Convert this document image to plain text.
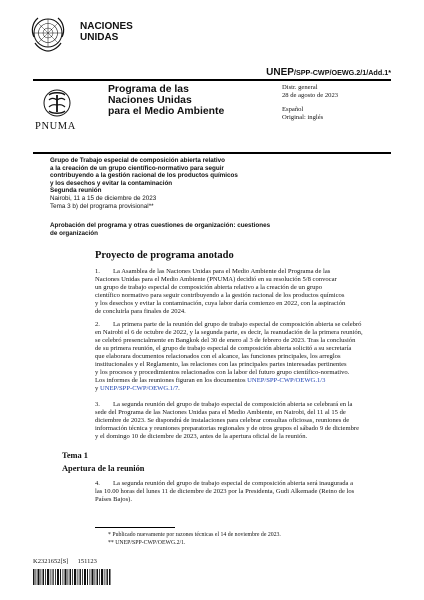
NACIONES
UNIDAS
UNEP/SPP-CWP/OEWG.2/1/Add.1*
PNUMA
Programa de las
Naciones Unidas
para el Medio Ambiente
Distr. general
28 de agosto de 2023
Español
Original: inglés
Grupo de Trabajo especial de composición abierta relativo
a la creación de un grupo científico-normativo para seguir
contribuyendo a la gestión racional de los productos químicos
y los desechos y evitar la contaminación
Segunda reunión
Nairobi, 11 a 15 de diciembre de 2023
Tema 3 b) del programa provisional**
Aprobación del programa y otras cuestiones de organización: cuestiones
de organización
Proyecto de programa anotado
1. La Asamblea de las Naciones Unidas para el Medio Ambiente del Programa de las
Naciones Unidas para el Medio Ambiente (PNUMA) decidió en su resolución 5/8 convocar
un grupo de trabajo especial de composición abierta relativo a la creación de un grupo
científico normativo para seguir contribuyendo a la gestión racional de los productos químicos
y los desechos y evitar la contaminación, cuya labor daría comienzo en 2022, con la aspiración
de concluirla para finales de 2024.
2. La primera parte de la reunión del grupo de trabajo especial de composición abierta se celebró
en Nairobi el 6 de octubre de 2022, y la segunda parte, es decir, la reanudación de la primera reunión,
se celebró presencialmente en Bangkok del 30 de enero al 3 de febrero de 2023. Tras la conclusión
de su primera reunión, el grupo de trabajo especial de composición abierta solicitó a su secretaría
que elaborara documentos relacionados con el alcance, las funciones principales, los arreglos
institucionales y el Reglamento, las relaciones con las principales partes interesadas pertinentes
y los procesos y procedimientos relacionados con la labor del futuro grupo científico-normativo.
Los informes de las reuniones figuran en los documentos UNEP/SPP-CWP/OEWG.1/3
y UNEP/SPP-CWP/OEWG.1/7.
3. La segunda reunión del grupo de trabajo especial de composición abierta se celebrará en la
sede del Programa de las Naciones Unidas para el Medio Ambiente, en Nairobi, del 11 al 15 de
diciembre de 2023. Se dispondrá de instalaciones para celebrar consultas oficiosas, reuniones de
información técnica y reuniones preparatorias regionales y de otros grupos el sábado 9 de diciembre
y el domingo 10 de diciembre de 2023, antes de la apertura oficial de la reunión.
Tema 1
Apertura de la reunión
4. La segunda reunión del grupo de trabajo especial de composición abierta será inaugurada a
las 10.00 horas del lunes 11 de diciembre de 2023 por la Presidenta, Gudi Alkemade (Reino de los
Países Bajos).
* Publicado nuevamente por razones técnicas el 14 de noviembre de 2023.
** UNEP/SPP-CWP/OEWG.2/1.
K2321652[S] 151123
